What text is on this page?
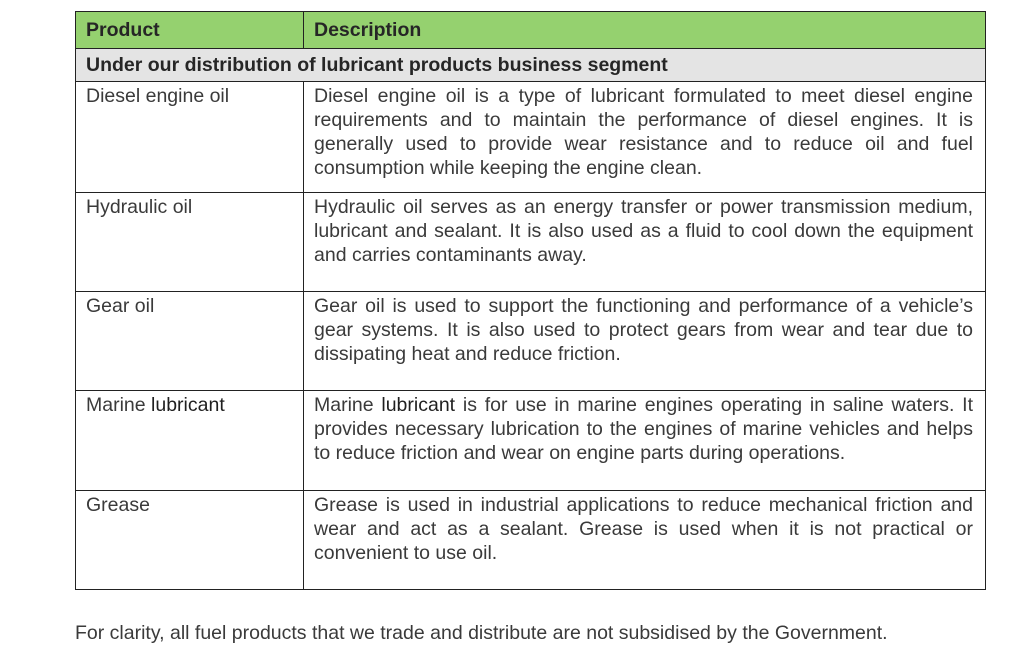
Product	Description
Under our distribution of lubricant products business segment	
Diesel engine oil	Diesel engine oil is a type of lubricant formulated to meet diesel engine requirements and to maintain the performance of diesel engines. It is generally used to provide wear resistance and to reduce oil and fuel consumption while keeping the engine clean.
Hydraulic oil	Hydraulic oil serves as an energy transfer or power transmission medium, lubricant and sealant. It is also used as a fluid to cool down the equipment and carries contaminants away.
Gear oil	Gear oil is used to support the functioning and performance of a vehicle’s gear systems. It is also used to protect gears from wear and tear due to dissipating heat and reduce friction.
Marine lubricant	Marine lubricant is for use in marine engines operating in saline waters. It provides necessary lubrication to the engines of marine vehicles and helps to reduce friction and wear on engine parts during operations.
Grease	Grease is used in industrial applications to reduce mechanical friction and wear and act as a sealant. Grease is used when it is not practical or convenient to use oil.
For clarity, all fuel products that we trade and distribute are not subsidised by the Government.
